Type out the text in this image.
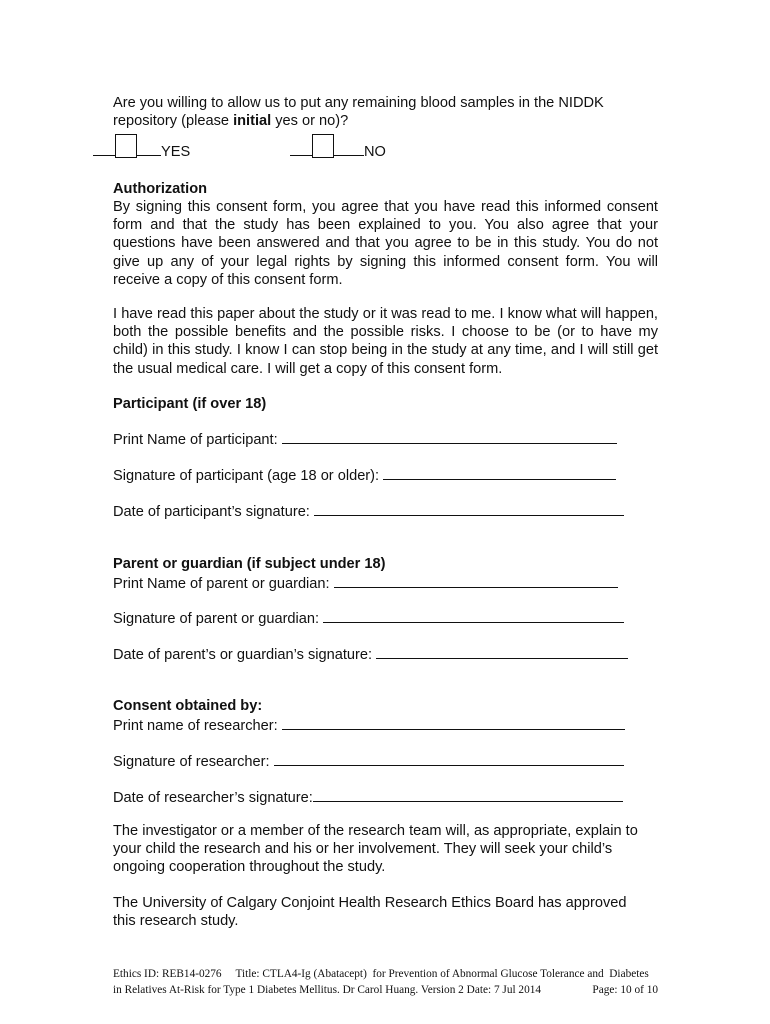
Are you willing to allow us to put any remaining blood samples in the NIDDK
repository (please initial yes or no)?

YES	NO

Authorization

By signing this consent form, you agree that you have read this informed consent form and that the study has been explained to you. You also agree that your questions have been answered and that you agree to be in this study. You do not give up any of your legal rights by signing this informed consent form. You will receive a copy of this consent form.

I have read this paper about the study or it was read to me. I know what will happen, both the possible benefits and the possible risks. I choose to be (or to have my child) in this study. I know I can stop being in the study at any time, and I will still get the usual medical care. I will get a copy of this consent form.

Participant (if over 18)

Print Name of participant:
Signature of participant (age 18 or older):
Date of participant’s signature:

Parent or guardian (if subject under 18)

Print Name of parent or guardian:
Signature of parent or guardian:
Date of parent’s or guardian’s signature:

Consent obtained by:

Print name of researcher:
Signature of researcher:
Date of researcher’s signature:

The investigator or a member of the research team will, as appropriate, explain to your child the research and his or her involvement. They will seek your child’s ongoing cooperation throughout the study.

The University of Calgary Conjoint Health Research Ethics Board has approved this research study.

Ethics ID: REB14-0276     Title: CTLA4-Ig (Abatacept)  for Prevention of Abnormal Glucose Tolerance and  Diabetes
in Relatives At-Risk for Type 1 Diabetes Mellitus. Dr Carol Huang. Version 2 Date: 7 Jul 2014	Page: 10 of 10
